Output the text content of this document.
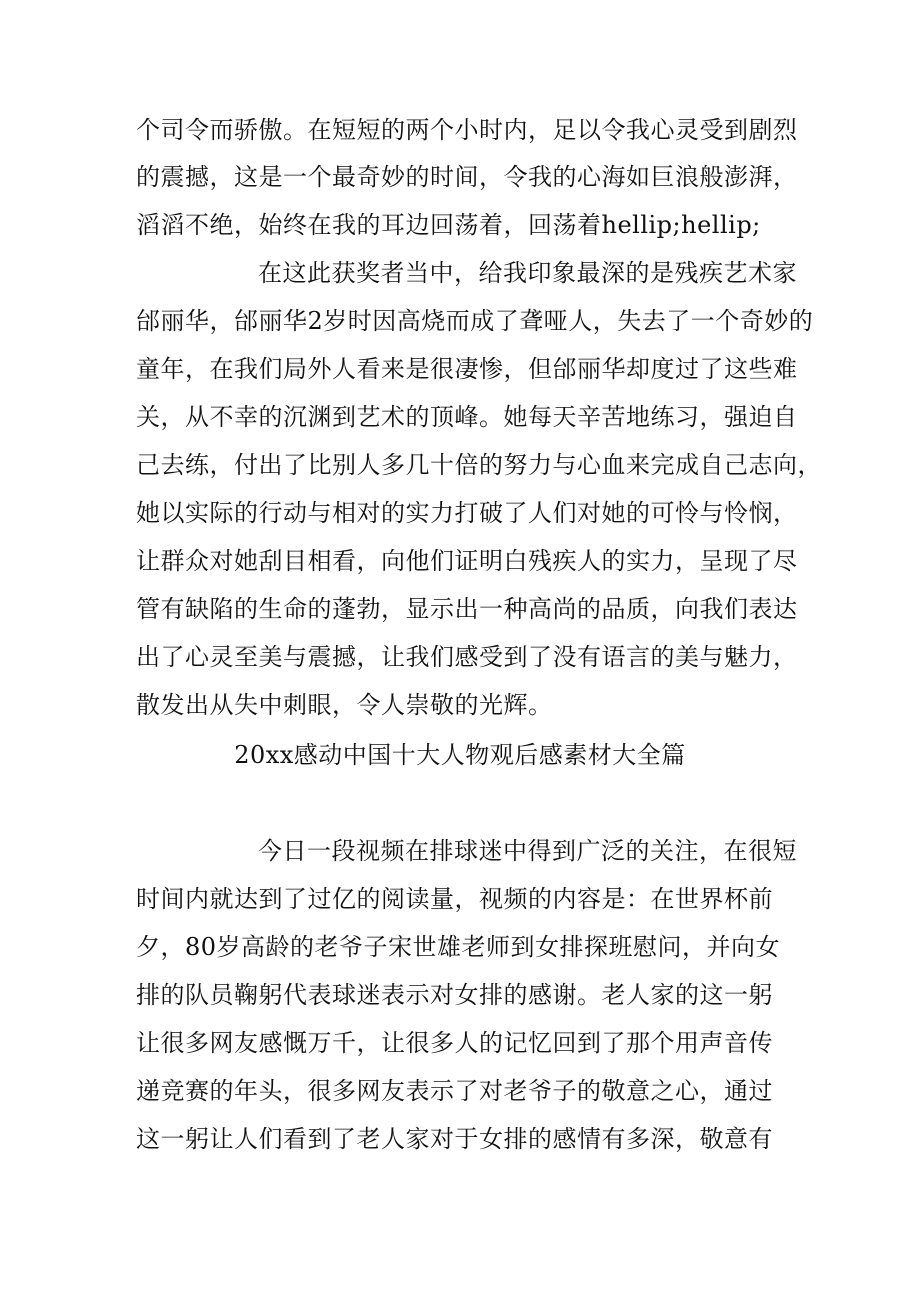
个司令而骄傲。在短短的两个小时内，足以令我心灵受到剧烈
的震撼，这是一个最奇妙的时间，令我的心海如巨浪般澎湃，
滔滔不绝，始终在我的耳边回荡着，回荡着hellip;hellip;
在这此获奖者当中，给我印象最深的是残疾艺术家
邰丽华，邰丽华2岁时因高烧而成了聋哑人，失去了一个奇妙的
童年，在我们局外人看来是很凄惨，但邰丽华却度过了这些难
关，从不幸的沉渊到艺术的顶峰。她每天辛苦地练习，强迫自
己去练，付出了比别人多几十倍的努力与心血来完成自己志向，
她以实际的行动与相对的实力打破了人们对她的可怜与怜悯，
让群众对她刮目相看，向他们证明白残疾人的实力，呈现了尽
管有缺陷的生命的蓬勃，显示出一种高尚的品质，向我们表达
出了心灵至美与震撼，让我们感受到了没有语言的美与魅力，
散发出从失中刺眼，令人崇敬的光辉。
20xx感动中国十大人物观后感素材大全篇
今日一段视频在排球迷中得到广泛的关注，在很短
时间内就达到了过亿的阅读量，视频的内容是：在世界杯前
夕，80岁高龄的老爷子宋世雄老师到女排探班慰问，并向女
排的队员鞠躬代表球迷表示对女排的感谢。老人家的这一躬
让很多网友感慨万千，让很多人的记忆回到了那个用声音传
递竞赛的年头，很多网友表示了对老爷子的敬意之心，通过
这一躬让人们看到了老人家对于女排的感情有多深，敬意有
